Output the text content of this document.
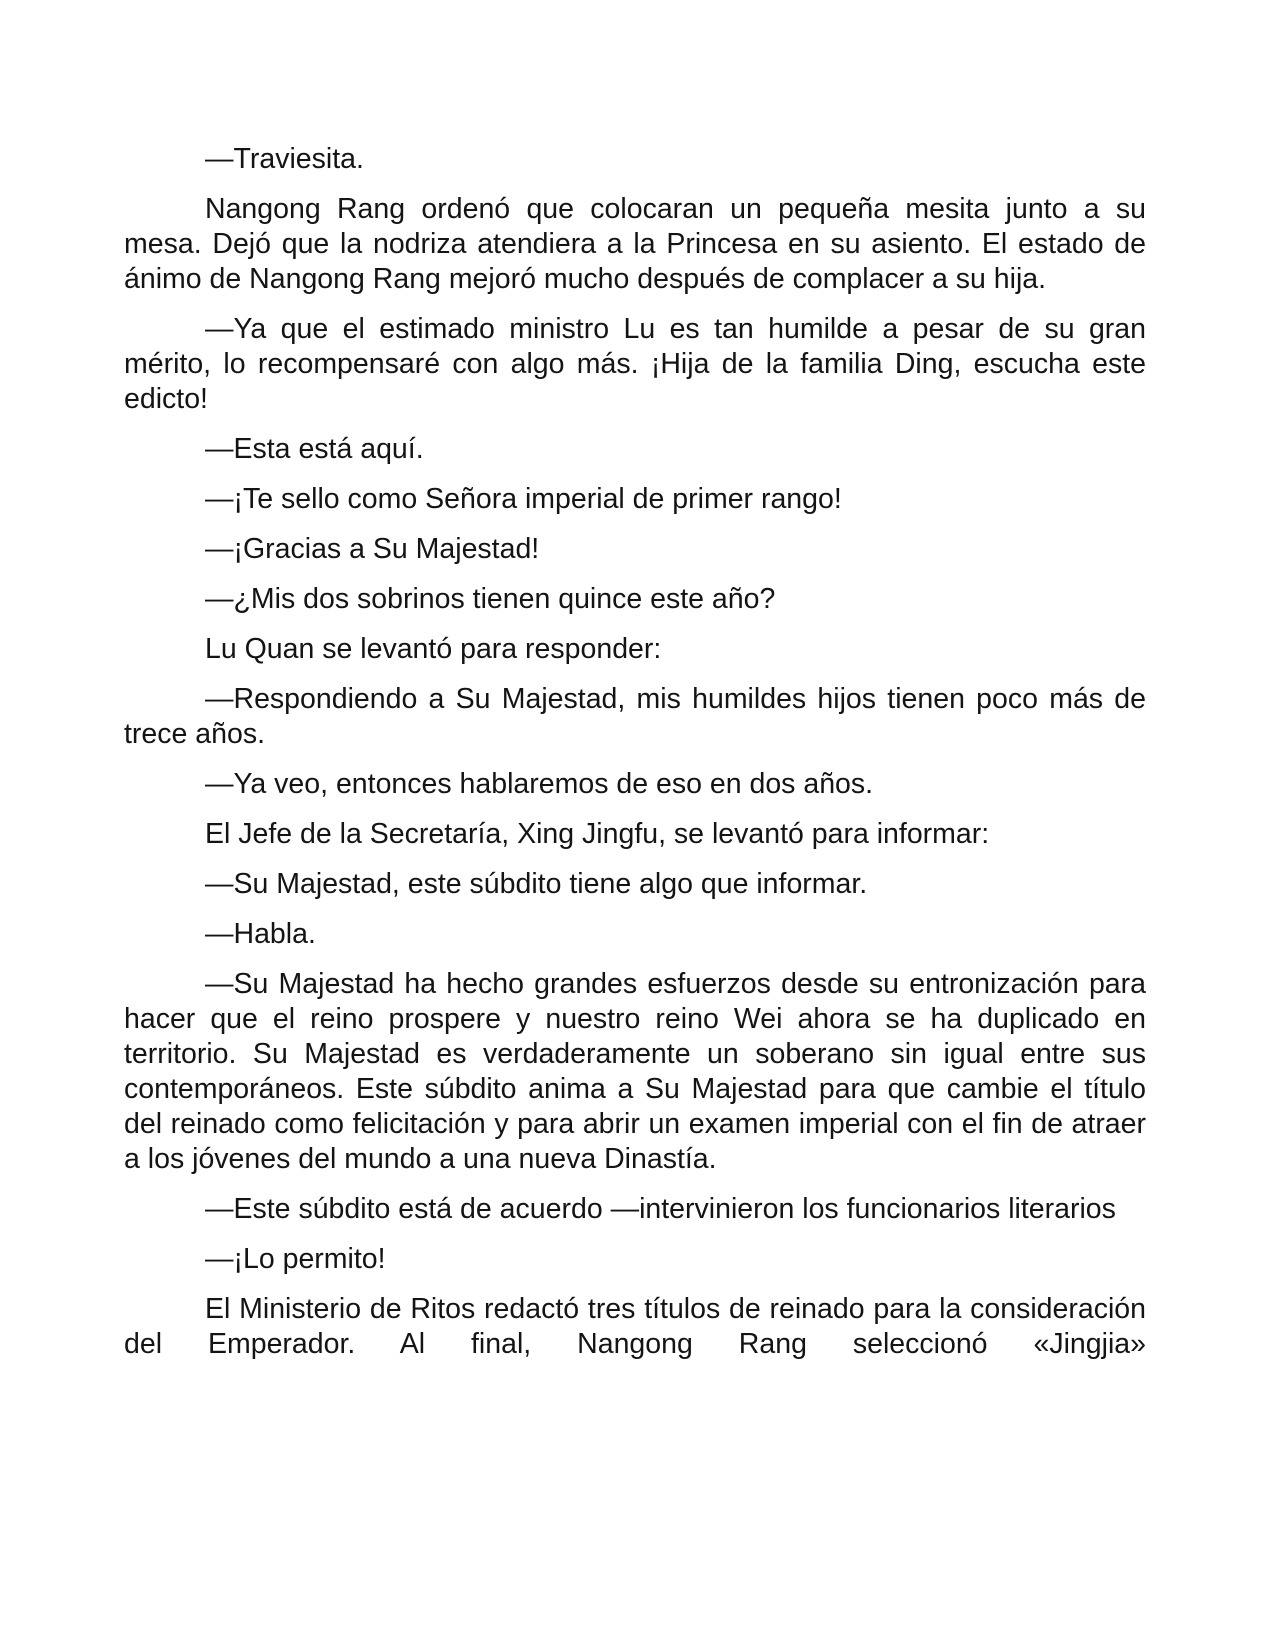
—Traviesita.

Nangong Rang ordenó que colocaran un pequeña mesita junto a su mesa. Dejó que la nodriza atendiera a la Princesa en su asiento. El estado de ánimo de Nangong Rang mejoró mucho después de complacer a su hija.

—Ya que el estimado ministro Lu es tan humilde a pesar de su gran mérito, lo recompensaré con algo más. ¡Hija de la familia Ding, escucha este edicto!

—Esta está aquí.

—¡Te sello como Señora imperial de primer rango!

—¡Gracias a Su Majestad!

—¿Mis dos sobrinos tienen quince este año?

Lu Quan se levantó para responder:

—Respondiendo a Su Majestad, mis humildes hijos tienen poco más de trece años.

—Ya veo, entonces hablaremos de eso en dos años.

El Jefe de la Secretaría, Xing Jingfu, se levantó para informar:

—Su Majestad, este súbdito tiene algo que informar.

—Habla.

—Su Majestad ha hecho grandes esfuerzos desde su entronización para hacer que el reino prospere y nuestro reino Wei ahora se ha duplicado en territorio. Su Majestad es verdaderamente un soberano sin igual entre sus contemporáneos. Este súbdito anima a Su Majestad para que cambie el título del reinado como felicitación y para abrir un examen imperial con el fin de atraer a los jóvenes del mundo a una nueva Dinastía.

—Este súbdito está de acuerdo —intervinieron los funcionarios literarios

—¡Lo permito!

El Ministerio de Ritos redactó tres títulos de reinado para la consideración del Emperador. Al final, Nangong Rang seleccionó «Jingjia»
